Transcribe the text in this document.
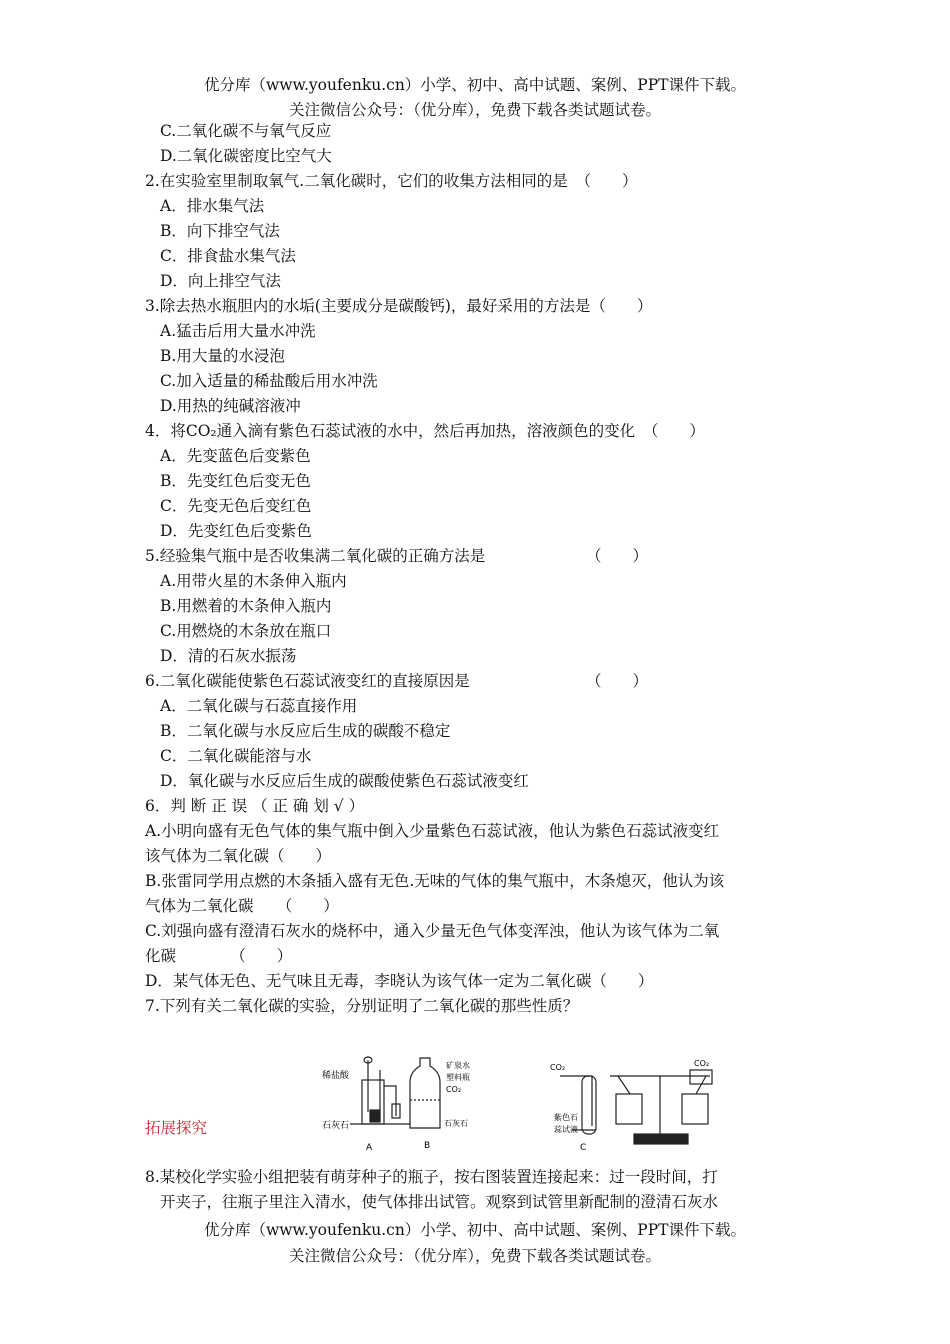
优分库（www.youfenku.cn）小学、初中、高中试题、案例、PPT课件下载。
关注微信公众号：（优分库），免费下载各类试题试卷。
C.二氧化碳不与氧气反应
D.二氧化碳密度比空气大
2.在实验室里制取氧气.二氧化碳时，它们的收集方法相同的是　（　　）
A．排水集气法
B．向下排空气法
C．排食盐水集气法
D．向上排空气法
3.除去热水瓶胆内的水垢(主要成分是碳酸钙)，最好采用的方法是（　　）
A.猛击后用大量水冲洗
B.用大量的水浸泡
C.加入适量的稀盐酸后用水冲洗
D.用热的纯碱溶液冲
4．将CO₂通入滴有紫色石蕊试液的水中，然后再加热，溶液颜色的变化　（　　）
A．先变蓝色后变紫色
B．先变红色后变无色
C．先变无色后变红色
D．先变红色后变紫色
5.经验集气瓶中是否收集满二氧化碳的正确方法是　　　　　　　（　　）
A.用带火星的木条伸入瓶内
B.用燃着的木条伸入瓶内
C.用燃烧的木条放在瓶口
D．清的石灰水振荡
6.二氧化碳能使紫色石蕊试液变红的直接原因是　　　　　　　　（　　）
A．二氧化碳与石蕊直接作用
B．二氧化碳与水反应后生成的碳酸不稳定
C．二氧化碳能溶与水
D．氧化碳与水反应后生成的碳酸使紫色石蕊试液变红
6．判 断 正 误 （ 正 确 划 √ ）
A.小明向盛有无色气体的集气瓶中倒入少量紫色石蕊试液，他认为紫色石蕊试液变红
该气体为二氧化碳（　　）
B.张雷同学用点燃的木条插入盛有无色.无味的气体的集气瓶中，木条熄灭，他认为该
气体为二氧化碳　　（　　）
C.刘强向盛有澄清石灰水的烧杯中，通入少量无色气体变浑浊，他认为该气体为二氧
化碳　　　　（　　）
D．某气体无色、无气味且无毒，李晓认为该气体一定为二氧化碳（　　）
7.下列有关二氧化碳的实验，分别证明了二氧化碳的那些性质？
稀盐酸
石灰石
A
矿泉水
塑料瓶
CO₂
石灰石
B
CO₂
紫色石
蕊试液
C
CO₂
拓展探究
8.某校化学实验小组把装有萌芽种子的瓶子，按右图装置连接起来：过一段时间，打
开夹子，往瓶子里注入清水，使气体排出试管。观察到试管里新配制的澄清石灰水
优分库（www.youfenku.cn）小学、初中、高中试题、案例、PPT课件下载。
关注微信公众号：（优分库），免费下载各类试题试卷。
